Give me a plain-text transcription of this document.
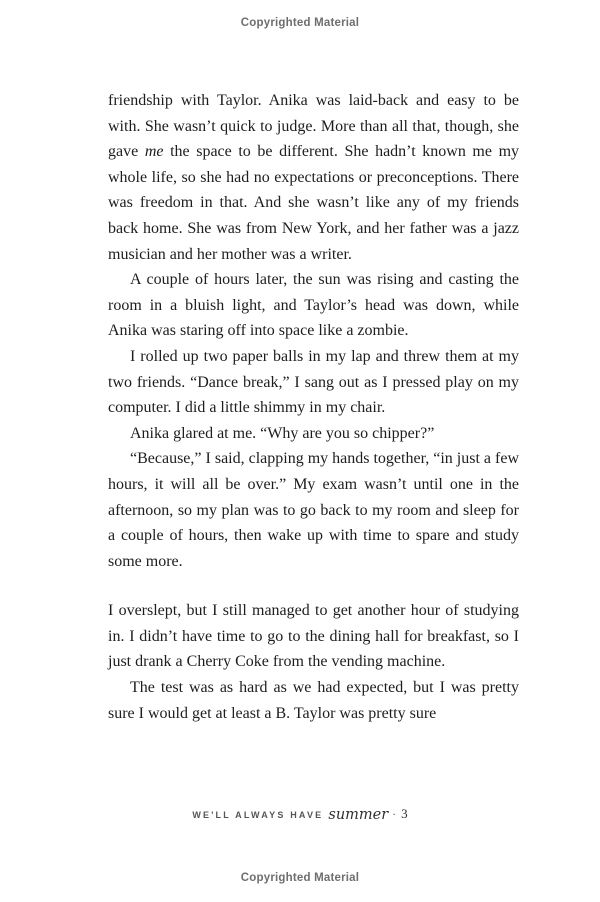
Copyrighted Material

friendship with Taylor. Anika was laid-back and easy to be with. She wasn’t quick to judge. More than all that, though, she gave me the space to be different. She hadn’t known me my whole life, so she had no expectations or preconceptions. There was freedom in that. And she wasn’t like any of my friends back home. She was from New York, and her father was a jazz musician and her mother was a writer.

A couple of hours later, the sun was rising and casting the room in a bluish light, and Taylor’s head was down, while Anika was staring off into space like a zombie.

I rolled up two paper balls in my lap and threw them at my two friends. “Dance break,” I sang out as I pressed play on my computer. I did a little shimmy in my chair.

Anika glared at me. “Why are you so chipper?”

“Because,” I said, clapping my hands together, “in just a few hours, it will all be over.” My exam wasn’t until one in the afternoon, so my plan was to go back to my room and sleep for a couple of hours, then wake up with time to spare and study some more.

I overslept, but I still managed to get another hour of studying in. I didn’t have time to go to the dining hall for breakfast, so I just drank a Cherry Coke from the vending machine.

The test was as hard as we had expected, but I was pretty sure I would get at least a B. Taylor was pretty sure

WE'LL ALWAYS HAVE summer · 3
Copyrighted Material
